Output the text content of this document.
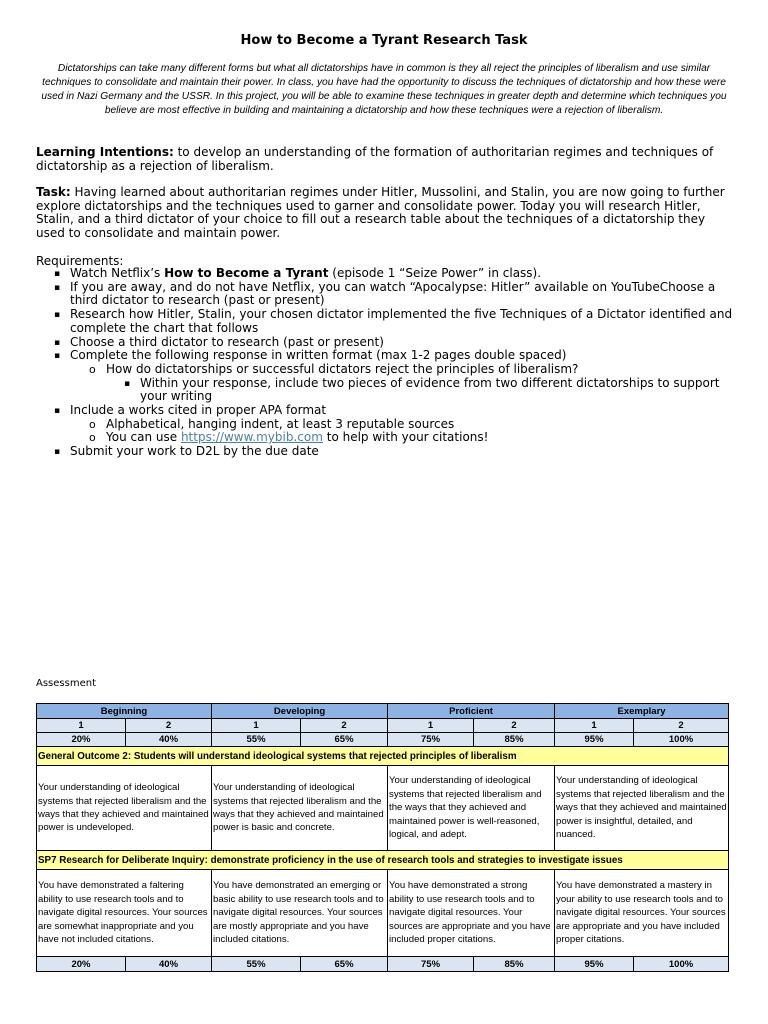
How to Become a Tyrant Research Task
Dictatorships can take many different forms but what all dictatorships have in common is they all reject the principles of liberalism and use similar techniques to consolidate and maintain their power. In class, you have had the opportunity to discuss the techniques of dictatorship and how these were used in Nazi Germany and the USSR. In this project, you will be able to examine these techniques in greater depth and determine which techniques you believe are most effective in building and maintaining a dictatorship and how these techniques were a rejection of liberalism.
Learning Intentions: to develop an understanding of the formation of authoritarian regimes and techniques of dictatorship as a rejection of liberalism.
Task: Having learned about authoritarian regimes under Hitler, Mussolini, and Stalin, you are now going to further explore dictatorships and the techniques used to garner and consolidate power. Today you will research Hitler, Stalin, and a third dictator of your choice to fill out a research table about the techniques of a dictatorship they used to consolidate and maintain power.
Requirements:
▪ Watch Netflix’s How to Become a Tyrant (episode 1 “Seize Power” in class).
▪ If you are away, and do not have Netflix, you can watch “Apocalypse: Hitler” available on YouTubeChoose a third dictator to research (past or present)
▪ Research how Hitler, Stalin, your chosen dictator implemented the five Techniques of a Dictator identified and complete the chart that follows
▪ Choose a third dictator to research (past or present)
▪ Complete the following response in written format (max 1-2 pages double spaced)
o How do dictatorships or successful dictators reject the principles of liberalism?
▪ Within your response, include two pieces of evidence from two different dictatorships to support your writing
▪ Include a works cited in proper APA format
o Alphabetical, hanging indent, at least 3 reputable sources
o You can use https://www.mybib.com to help with your citations!
▪ Submit your work to D2L by the due date
Assessment
Beginning		Developing		Proficient		Exemplary	
1	2	1	2	1	2	1	2
20%	40%	55%	65%	75%	85%	95%	100%
General Outcome 2: Students will understand ideological systems that rejected principles of liberalism							
Your understanding of ideological systems that rejected liberalism and the ways that they achieved and maintained power is undeveloped.		Your understanding of ideological systems that rejected liberalism and the ways that they achieved and maintained power is basic and concrete.		Your understanding of ideological systems that rejected liberalism and the ways that they achieved and maintained power is well-reasoned, logical, and adept.		Your understanding of ideological systems that rejected liberalism and the ways that they achieved and maintained power is insightful, detailed, and nuanced.	
SP7 Research for Deliberate Inquiry: demonstrate proficiency in the use of research tools and strategies to investigate issues							
You have demonstrated a faltering ability to use research tools and to navigate digital resources. Your sources are somewhat inappropriate and you have not included citations.		You have demonstrated an emerging or basic ability to use research tools and to navigate digital resources. Your sources are mostly appropriate and you have included citations.		You have demonstrated a strong ability to use research tools and to navigate digital resources. Your sources are appropriate and you have included proper citations.		You have demonstrated a mastery in your ability to use research tools and to navigate digital resources. Your sources are appropriate and you have included proper citations.	
20%	40%	55%	65%	75%	85%	95%	100%
